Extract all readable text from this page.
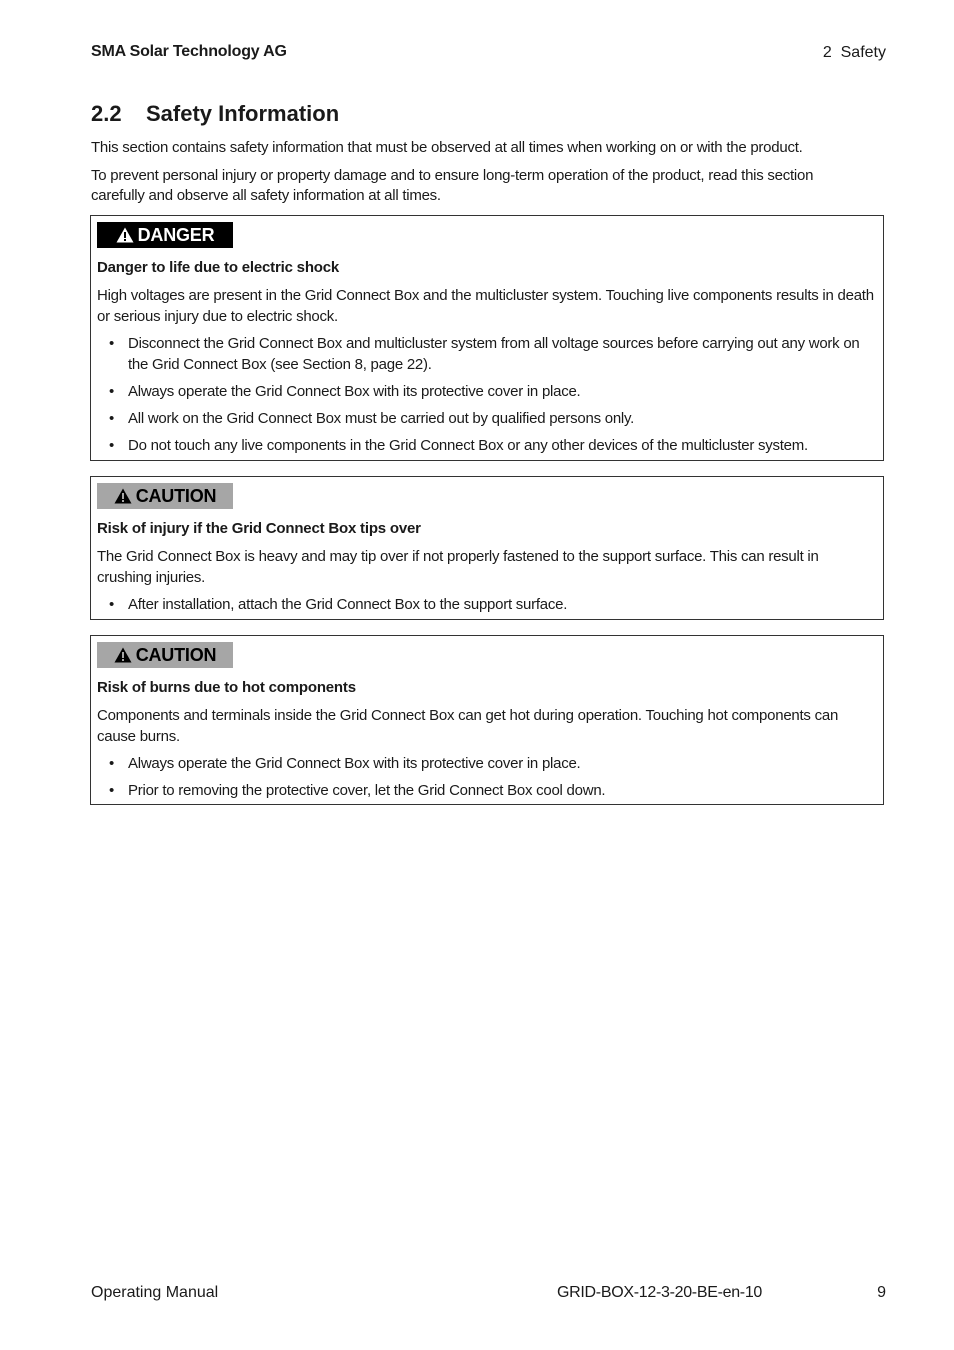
SMA Solar Technology AG	2  Safety
2.2 Safety Information

This section contains safety information that must be observed at all times when working on or with the product.

To prevent personal injury or property damage and to ensure long-term operation of the product, read this section carefully and observe all safety information at all times.

DANGER
Danger to life due to electric shock

High voltages are present in the Grid Connect Box and the multicluster system. Touching live components results in death or serious injury due to electric shock.

• Disconnect the Grid Connect Box and multicluster system from all voltage sources before carrying out any work on the Grid Connect Box (see Section 8, page 22).
• Always operate the Grid Connect Box with its protective cover in place.
• All work on the Grid Connect Box must be carried out by qualified persons only.
• Do not touch any live components in the Grid Connect Box or any other devices of the multicluster system.
CAUTION
Risk of injury if the Grid Connect Box tips over

The Grid Connect Box is heavy and may tip over if not properly fastened to the support surface. This can result in crushing injuries.

• After installation, attach the Grid Connect Box to the support surface.
CAUTION
Risk of burns due to hot components

Components and terminals inside the Grid Connect Box can get hot during operation. Touching hot components can cause burns.

• Always operate the Grid Connect Box with its protective cover in place.
• Prior to removing the protective cover, let the Grid Connect Box cool down.
Operating Manual	GRID-BOX-12-3-20-BE-en-10	9
